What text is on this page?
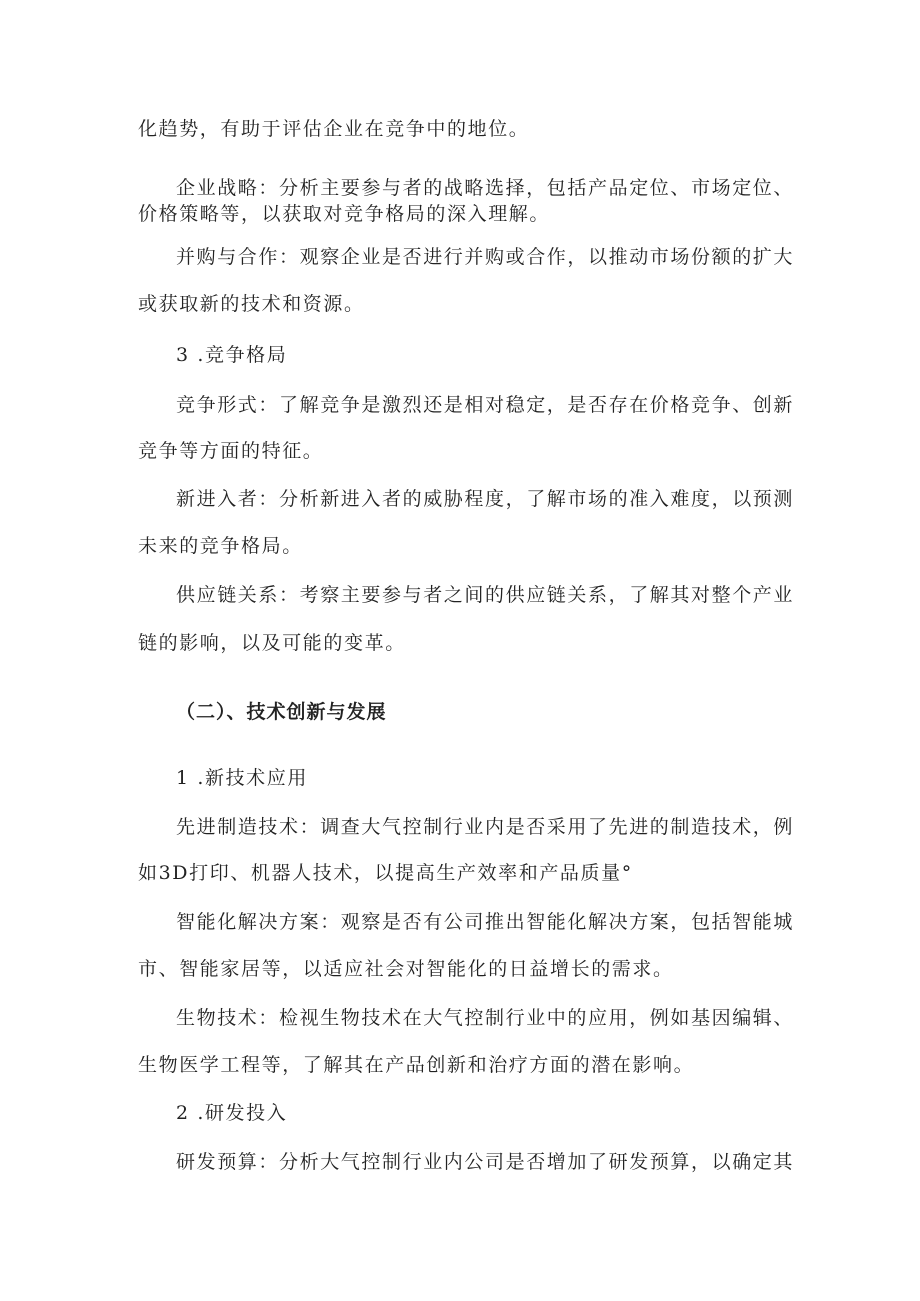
化趋势，有助于评估企业在竞争中的地位。

企业战略：分析主要参与者的战略选择，包括产品定位、市场定位、

价格策略等，以获取对竞争格局的深入理解。

并购与合作：观察企业是否进行并购或合作，以推动市场份额的扩大

或获取新的技术和资源。

3 .竞争格局

竞争形式：了解竞争是激烈还是相对稳定，是否存在价格竞争、创新

竞争等方面的特征。

新进入者：分析新进入者的威胁程度，了解市场的准入难度，以预测

未来的竞争格局。

供应链关系：考察主要参与者之间的供应链关系，了解其对整个产业

链的影响，以及可能的变革。

（二）、技术创新与发展

1 .新技术应用

先进制造技术：调查大气控制行业内是否采用了先进的制造技术，例

如3D打印、机器人技术，以提高生产效率和产品质量°

智能化解决方案：观察是否有公司推出智能化解决方案，包括智能城

市、智能家居等，以适应社会对智能化的日益增长的需求。

生物技术：检视生物技术在大气控制行业中的应用，例如基因编辑、

生物医学工程等，了解其在产品创新和治疗方面的潜在影响。

2 .研发投入

研发预算：分析大气控制行业内公司是否增加了研发预算，以确定其
